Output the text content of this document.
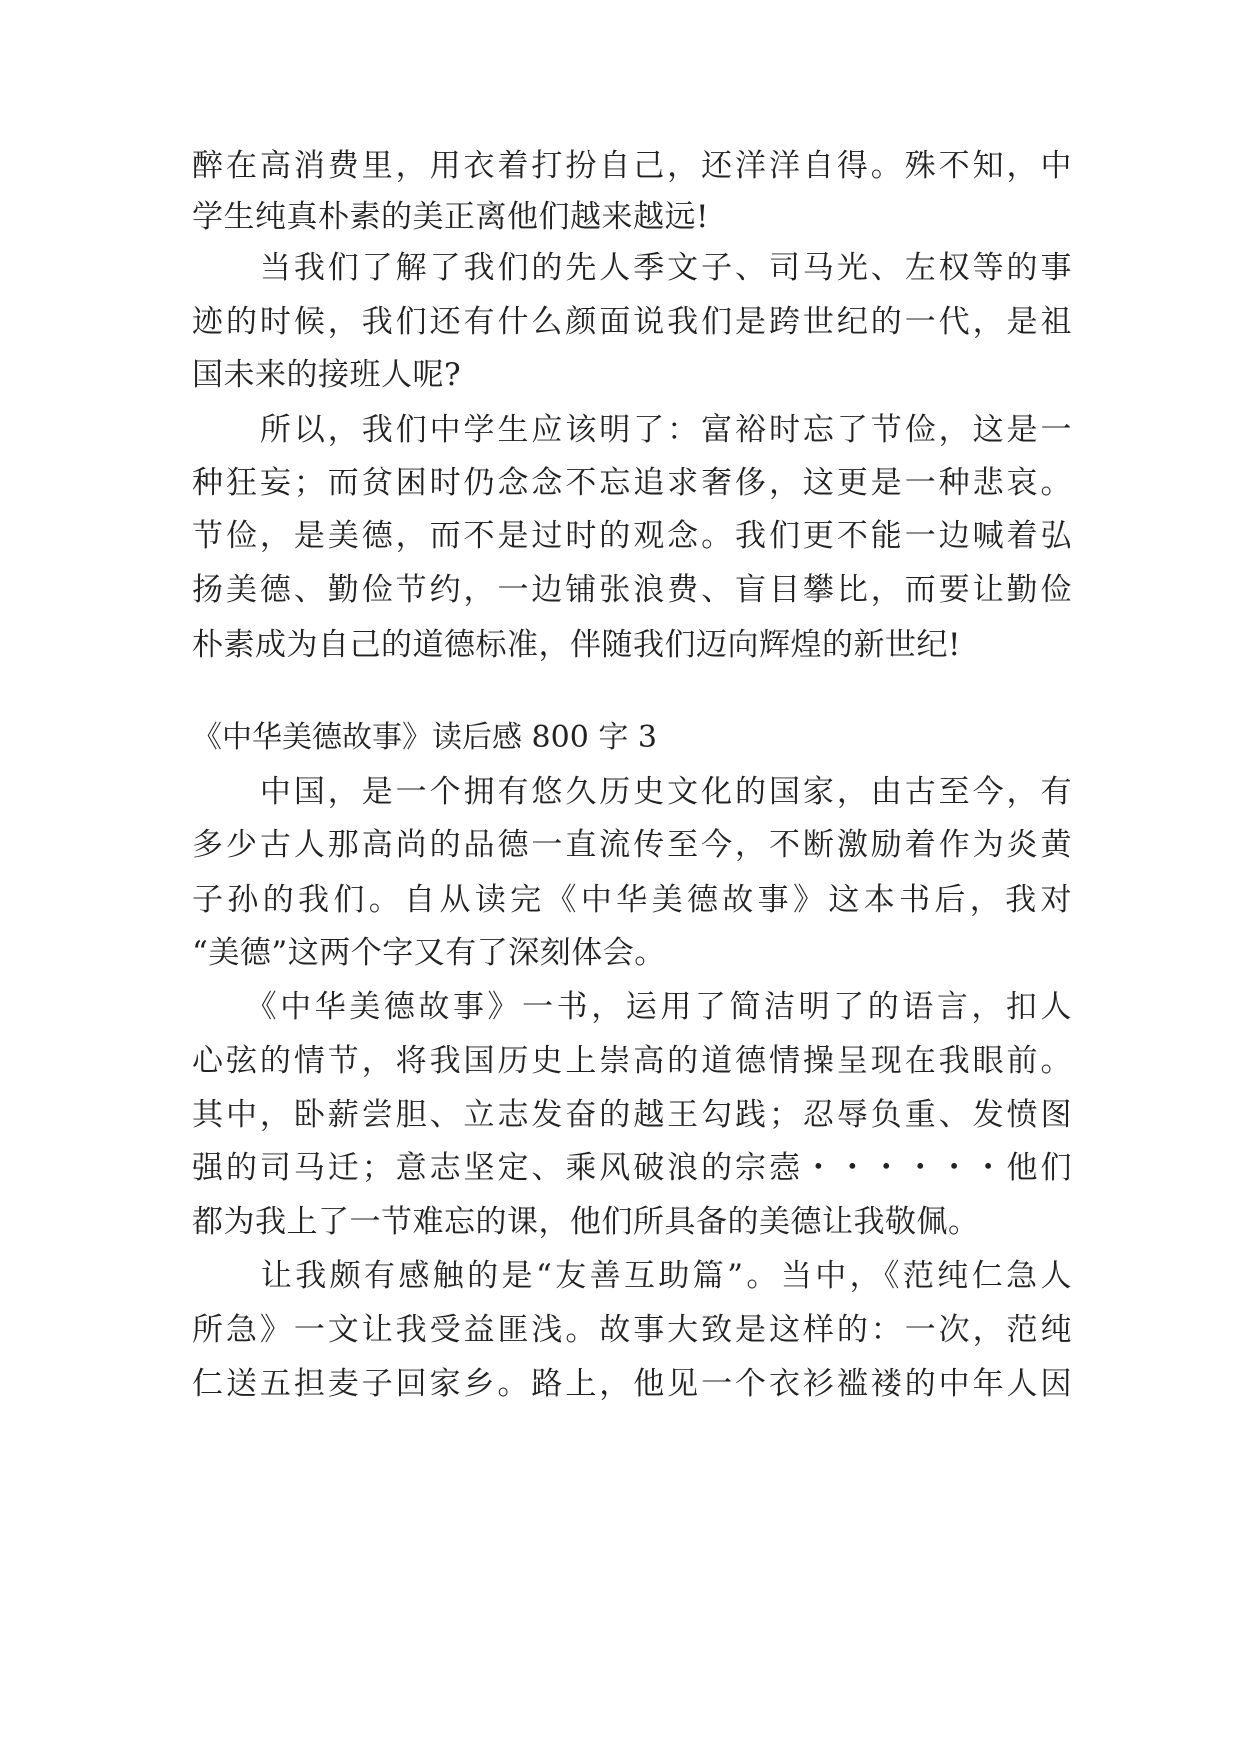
醉在高消费里，用衣着打扮自己，还洋洋自得。殊不知，中
学生纯真朴素的美正离他们越来越远!
　　当我们了解了我们的先人季文子、司马光、左权等的事
迹的时候，我们还有什么颜面说我们是跨世纪的一代，是祖
国未来的接班人呢?
　　所以，我们中学生应该明了：富裕时忘了节俭，这是一
种狂妄；而贫困时仍念念不忘追求奢侈，这更是一种悲哀。
节俭，是美德，而不是过时的观念。我们更不能一边喊着弘
扬美德、勤俭节约，一边铺张浪费、盲目攀比，而要让勤俭
朴素成为自己的道德标准，伴随我们迈向辉煌的新世纪!
《中华美德故事》读后感 800 字 3
　　中国，是一个拥有悠久历史文化的国家，由古至今，有
多少古人那高尚的品德一直流传至今，不断激励着作为炎黄
子孙的我们。自从读完《中华美德故事》这本书后，我对
“美德”这两个字又有了深刻体会。
　　《中华美德故事》一书，运用了简洁明了的语言，扣人
心弦的情节，将我国历史上崇高的道德情操呈现在我眼前。
其中，卧薪尝胆、立志发奋的越王勾践；忍辱负重、发愤图
强的司马迁；意志坚定、乘风破浪的宗悫・・・・・・他们
都为我上了一节难忘的课，他们所具备的美德让我敬佩。
　　让我颇有感触的是“友善互助篇”。当中，《范纯仁急人
所急》一文让我受益匪浅。故事大致是这样的：一次，范纯
仁送五担麦子回家乡。路上，他见一个衣衫褴褛的中年人因
